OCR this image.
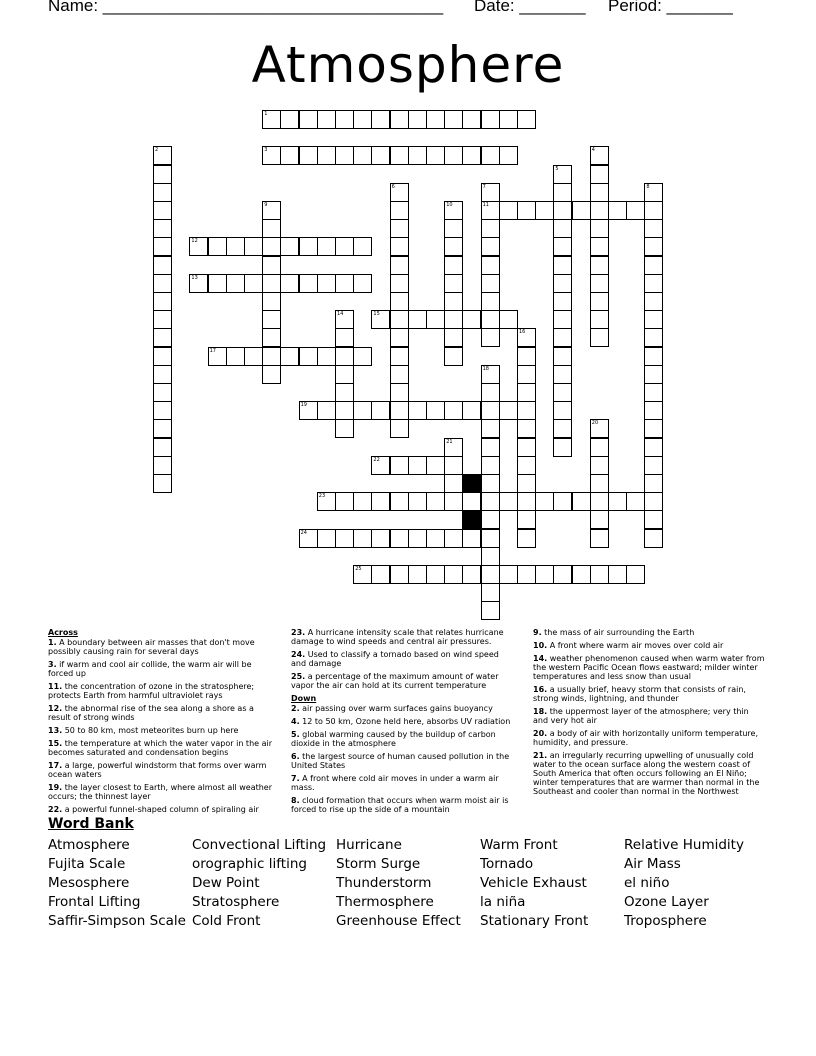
Name: ____________________________________ Date: _______ Period: _______
Atmosphere
1
2	3	4
5
6	7
11
8
9	10
12
13
14	15
16
17
18
19
20
21
22
23
24
25
Across
1. A boundary between air masses that don't move possibly causing rain for several days
3. if warm and cool air collide, the warm air will be forced up
11. the concentration of ozone in the stratosphere; protects Earth from harmful ultraviolet rays
12. the abnormal rise of the sea along a shore as a result of strong winds
13. 50 to 80 km, most meteorites burn up here
15. the temperature at which the water vapor in the air becomes saturated and condensation begins
17. a large, powerful windstorm that forms over warm ocean waters
19. the layer closest to Earth, where almost all weather occurs; the thinnest layer
22. a powerful funnel-shaped column of spiraling air
23. A hurricane intensity scale that relates hurricane damage to wind speeds and central air pressures.
24. Used to classify a tornado based on wind speed and damage
25. a percentage of the maximum amount of water vapor the air can hold at its current temperature
Down
2. air passing over warm surfaces gains buoyancy
4. 12 to 50 km, Ozone held here, absorbs UV radiation
5. global warming caused by the buildup of carbon dioxide in the atmosphere
6. the largest source of human caused pollution in the United States
7. A front where cold air moves in under a warm air mass.
8. cloud formation that occurs when warm moist air is forced to rise up the side of a mountain
9. the mass of air surrounding the Earth
10. A front where warm air moves over cold air
14. weather phenomenon caused when warm water from the western Pacific Ocean flows eastward; milder winter temperatures and less snow than usual
16. a usually brief, heavy storm that consists of rain, strong winds, lightning, and thunder
18. the uppermost layer of the atmosphere; very thin and very hot air
20. a body of air with horizontally uniform temperature, humidity, and pressure.
21. an irregularly recurring upwelling of unusually cold water to the ocean surface along the western coast of South America that often occurs following an El Niño; winter temperatures that are warmer than normal in the Southeast and cooler than normal in the Northwest
Word Bank
Atmosphere
Fujita Scale
Mesosphere
Frontal Lifting
Saffir-Simpson Scale
Convectional Lifting
orographic lifting
Dew Point
Stratosphere
Cold Front
Hurricane
Storm Surge
Thunderstorm
Thermosphere
Greenhouse Effect
Warm Front
Tornado
Vehicle Exhaust
la niña
Stationary Front
Relative Humidity
Air Mass
el niño
Ozone Layer
Troposphere
